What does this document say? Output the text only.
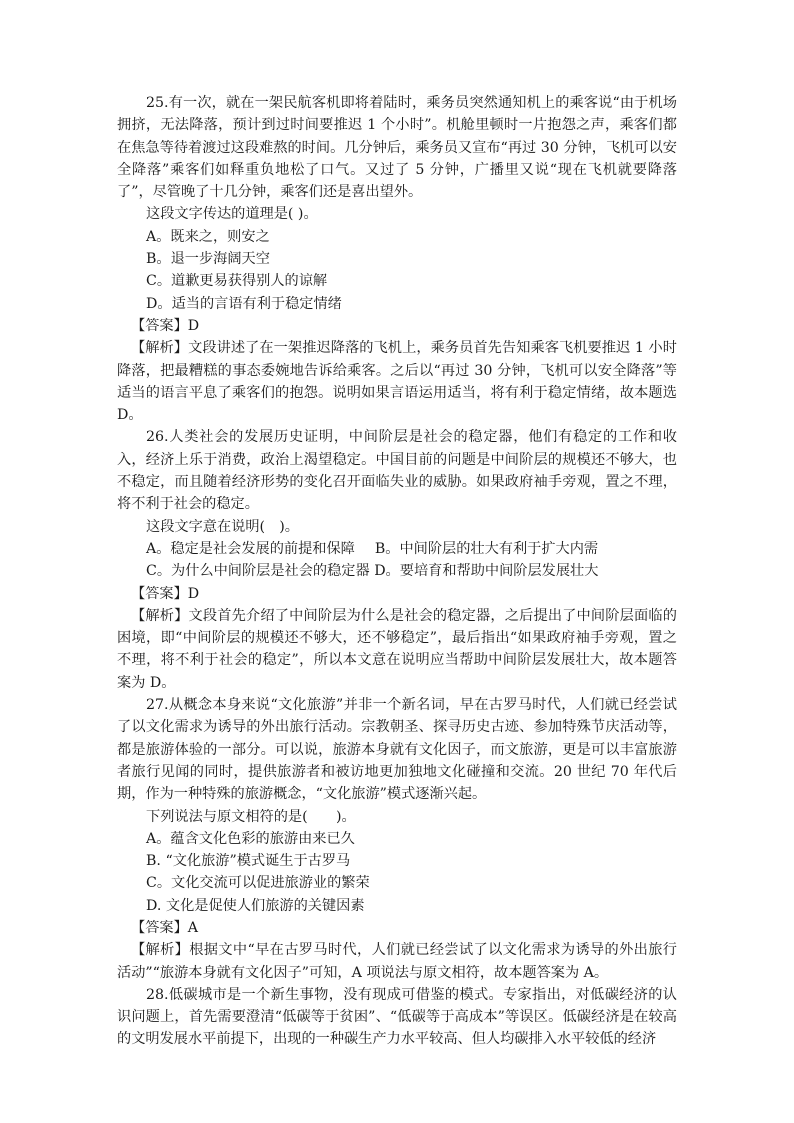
25.有一次，就在一架民航客机即将着陆时，乘务员突然通知机上的乘客说“由于机场拥挤，无法降落，预计到过时间要推迟 1 个小时”。机舱里顿时一片抱怨之声，乘客们都在焦急等待着渡过这段难熬的时间。几分钟后，乘务员又宣布“再过 30 分钟，飞机可以安全降落”乘客们如释重负地松了口气。又过了 5 分钟，广播里又说“现在飞机就要降落了”，尽管晚了十几分钟，乘客们还是喜出望外。

这段文字传达的道理是( )。

A。既来之，则安之

B。退一步海阔天空

C。道歉更易获得别人的谅解

D。适当的言语有利于稳定情绪

【答案】D

【解析】文段讲述了在一架推迟降落的飞机上，乘务员首先告知乘客飞机要推迟 1 小时降落，把最糟糕的事态委婉地告诉给乘客。之后以“再过 30 分钟，飞机可以安全降落”等适当的语言平息了乘客们的抱怨。说明如果言语运用适当，将有利于稳定情绪，故本题选 D。

26.人类社会的发展历史证明，中间阶层是社会的稳定器，他们有稳定的工作和收入，经济上乐于消费，政治上渴望稳定。中国目前的问题是中间阶层的规模还不够大，也不稳定，而且随着经济形势的变化召开面临失业的威胁。如果政府袖手旁观，置之不理，将不利于社会的稳定。

这段文字意在说明(　)。

A。稳定是社会发展的前提和保障 B。中间阶层的壮大有利于扩大内需

C。为什么中间阶层是社会的稳定器 D。要培育和帮助中间阶层发展壮大

【答案】D

【解析】文段首先介绍了中间阶层为什么是社会的稳定器，之后提出了中间阶层面临的困境，即“中间阶层的规模还不够大，还不够稳定”，最后指出“如果政府袖手旁观，置之不理，将不利于社会的稳定”，所以本文意在说明应当帮助中间阶层发展壮大，故本题答案为 D。

27.从概念本身来说“文化旅游”并非一个新名词，早在古罗马时代，人们就已经尝试了以文化需求为诱导的外出旅行活动。宗教朝圣、探寻历史古迹、参加特殊节庆活动等，都是旅游体验的一部分。可以说，旅游本身就有文化因子，而文旅游，更是可以丰富旅游者旅行见闻的同时，提供旅游者和被访地更加独地文化碰撞和交流。20 世纪 70 年代后期，作为一种特殊的旅游概念，“文化旅游”模式逐渐兴起。

下列说法与原文相符的是(　　)。

A。蕴含文化色彩的旅游由来已久

B. “文化旅游”模式诞生于古罗马

C。文化交流可以促进旅游业的繁荣

D. 文化是促使人们旅游的关键因素

【答案】A

【解析】根据文中“早在古罗马时代，人们就已经尝试了以文化需求为诱导的外出旅行活动”“旅游本身就有文化因子”可知，A 项说法与原文相符，故本题答案为 A。

28.低碳城市是一个新生事物，没有现成可借鉴的模式。专家指出，对低碳经济的认识问题上，首先需要澄清“低碳等于贫困”、“低碳等于高成本”等误区。低碳经济是在较高的文明发展水平前提下，出现的一种碳生产力水平较高、但人均碳排入水平较低的经济
